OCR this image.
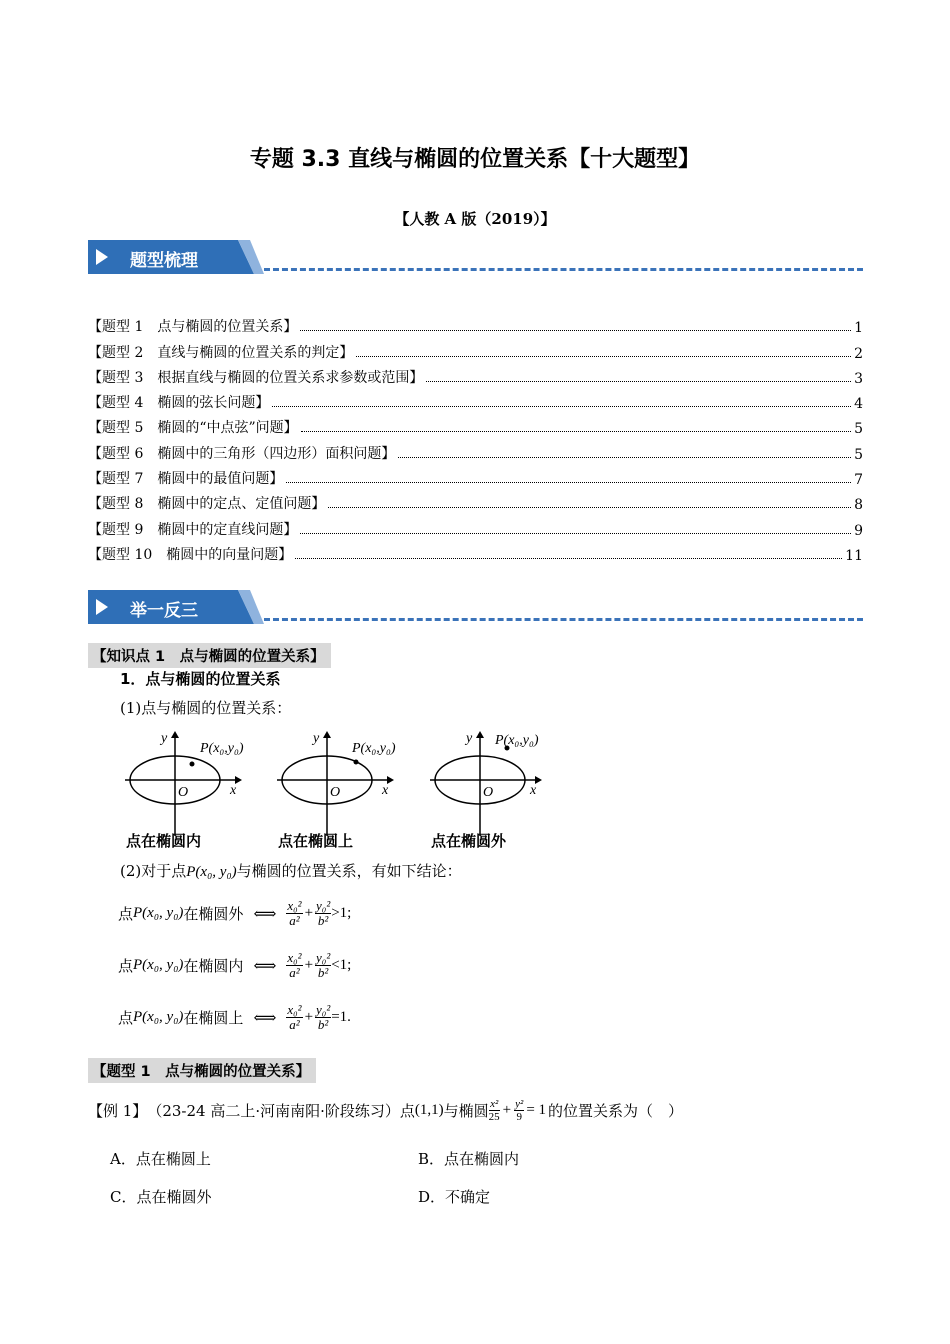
专题 3.3 直线与椭圆的位置关系【十大题型】
【人教 A 版（2019）】
题型梳理
【题型 1　点与椭圆的位置关系】	1
【题型 2　直线与椭圆的位置关系的判定】	2
【题型 3　根据直线与椭圆的位置关系求参数或范围】	3
【题型 4　椭圆的弦长问题】	4
【题型 5　椭圆的“中点弦”问题】	5
【题型 6　椭圆中的三角形（四边形）面积问题】	5
【题型 7　椭圆中的最值问题】	7
【题型 8　椭圆中的定点、定值问题】	8
【题型 9　椭圆中的定直线问题】	9
【题型 10　椭圆中的向量问题】	11
举一反三
【知识点 1　点与椭圆的位置关系】
1．点与椭圆的位置关系
(1)点与椭圆的位置关系：
y
x
O
P(x₀,y₀)
点在椭圆内
y
x
O
P(x₀,y₀)
点在椭圆上
y
x
O
P(x₀,y₀)
点在椭圆外
(2)对于点P(x₀, y₀)与椭圆的位置关系，有如下结论：
点 P(x₀, y₀) 在椭圆外 ⟺ $\frac{\text{x₀²}}{\text{a²}} + \frac{\text{y₀²}}{\text{b²}} >1$;
点 P(x₀, y₀) 在椭圆内 ⟺ $\frac{\text{x₀²}}{\text{a²}} + \frac{\text{y₀²}}{\text{b²}} <1$;
点 P(x₀, y₀) 在椭圆上 ⟺ $\frac{\text{x₀²}}{\text{a²}} + \frac{\text{y₀²}}{\text{b²}} =1$.
【题型 1　点与椭圆的位置关系】
【例 1】 （23-24 高二上·河南南阳·阶段练习） 点 (1,1) 与椭圆 $\frac{\text{x²}}{25} + \frac{\text{y²}}{9} = 1$ 的位置关系为（　）
A．点在椭圆上	B．点在椭圆内
C．点在椭圆外	D．不确定
